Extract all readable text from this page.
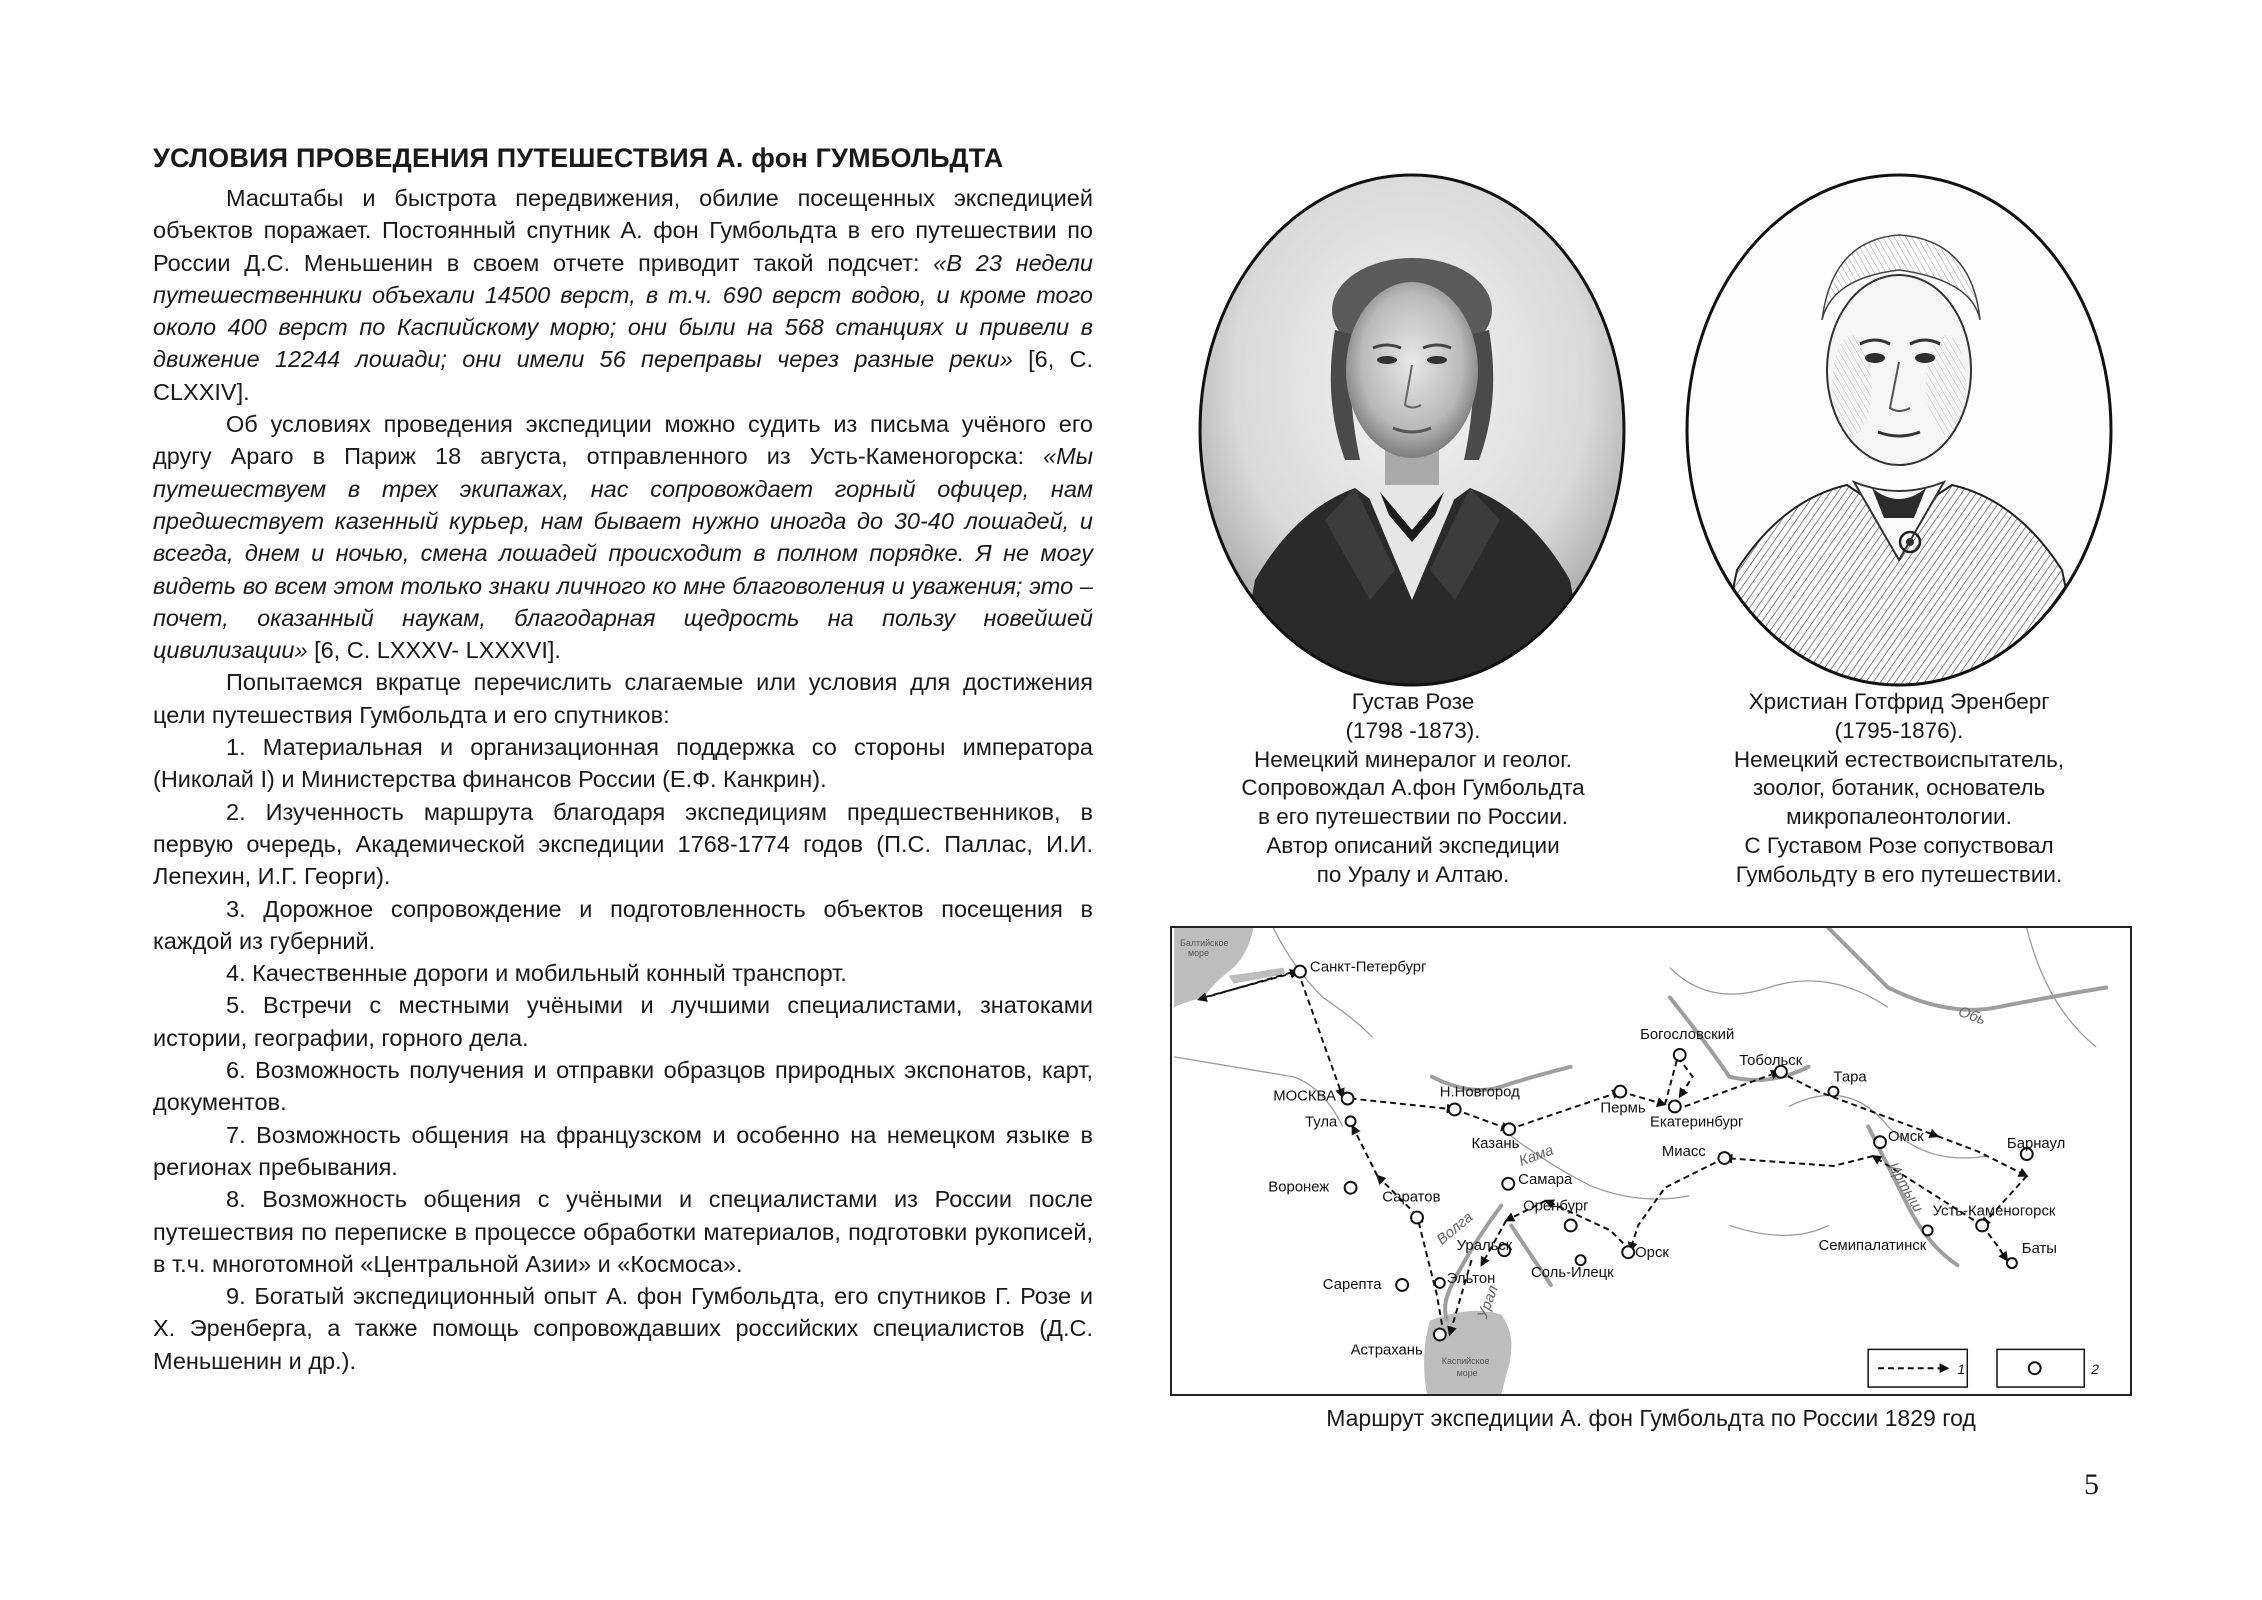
УСЛОВИЯ ПРОВЕДЕНИЯ ПУТЕШЕСТВИЯ А. фон ГУМБОЛЬДТА

Масштабы и быстрота передвижения, обилие посещенных экспедицией объектов поражает. Постоянный спутник А. фон Гумбольдта в его путешествии по России Д.С. Меньшенин в своем отчете приводит такой подсчет: «В 23 недели путешественники объехали 14500 верст, в т.ч. 690 верст водою, и кроме того около 400 верст по Каспийскому морю; они были на 568 станциях и привели в движение 12244 лошади; они имели 56 переправы через разные реки» [6, С. CLXXIV].

Об условиях проведения экспедиции можно судить из письма учёного его другу Араго в Париж 18 августа, отправленного из Усть-Каменогорска: «Мы путешествуем в трех экипажах, нас сопровождает горный офицер, нам предшествует казенный курьер, нам бывает нужно иногда до 30-40 лошадей, и всегда, днем и ночью, смена лошадей происходит в полном порядке. Я не могу видеть во всем этом только знаки личного ко мне благоволения и уважения; это – почет, оказанный наукам, благодарная щедрость на пользу новейшей цивилизации» [6, С. LXXXV- LXXXVI].

Попытаемся вкратце перечислить слагаемые или условия для достижения цели путешествия Гумбольдта и его спутников:

1. Материальная и организационная поддержка со стороны императора (Николай I) и Министерства финансов России (Е.Ф. Канкрин).

2. Изученность маршрута благодаря экспедициям предшественников, в первую очередь, Академической экспедиции 1768-1774 годов (П.С. Паллас, И.И. Лепехин, И.Г. Георги).

3. Дорожное сопровождение и подготовленность объектов посещения в каждой из губерний.

4. Качественные дороги и мобильный конный транспорт.

5. Встречи с местными учёными и лучшими специалистами, знатоками истории, географии, горного дела.

6. Возможность получения и отправки образцов природных экспонатов, карт, документов.

7. Возможность общения на французском и особенно на немецком языке в регионах пребывания.

8. Возможность общения с учёными и специалистами из России после путешествия по переписке в процессе обработки материалов, подготовки рукописей, в т.ч. многотомной «Центральной Азии» и «Космоса».

9. Богатый экспедиционный опыт А. фон Гумбольдта, его спутников Г. Розе и Х. Эренберга, а также помощь сопровождавших российских специалистов (Д.С. Меньшенин и др.).

Густав Розе
(1798 -1873).
Немецкий минералог и геолог.
Сопровождал А.фон Гумбольдта
в его путешествии по России.
Автор описаний экспедиции
по Уралу и Алтаю.
Христиан Готфрид Эренберг
(1795-1876).
Немецкий естествоиспытатель,
зоолог, ботаник, основатель
микропалеонтологии.
С Густавом Розе сопуствовал
Гумбольдту в его путешествии.
Санкт-Петербург
МОСКВА
Тула
Н.Новгород
Казань
Пермь
Богословский
Екатеринбург
Тобольск
Тара
Омск	Барнаул
Усть-Каменогорск
Семипалатинск	Баты
Миасс
Воронеж
Саратов
Самара
Оренбург
Уральск	Орск
Соль-Илецк
Эльтон
Сарепта
Астрахань
Обь
Кама
Волга
Урал
Иртыш
Балтийское
море
Каспийское
море	1	2
Маршрут экспедиции А. фон Гумбольдта по России 1829 год
5
